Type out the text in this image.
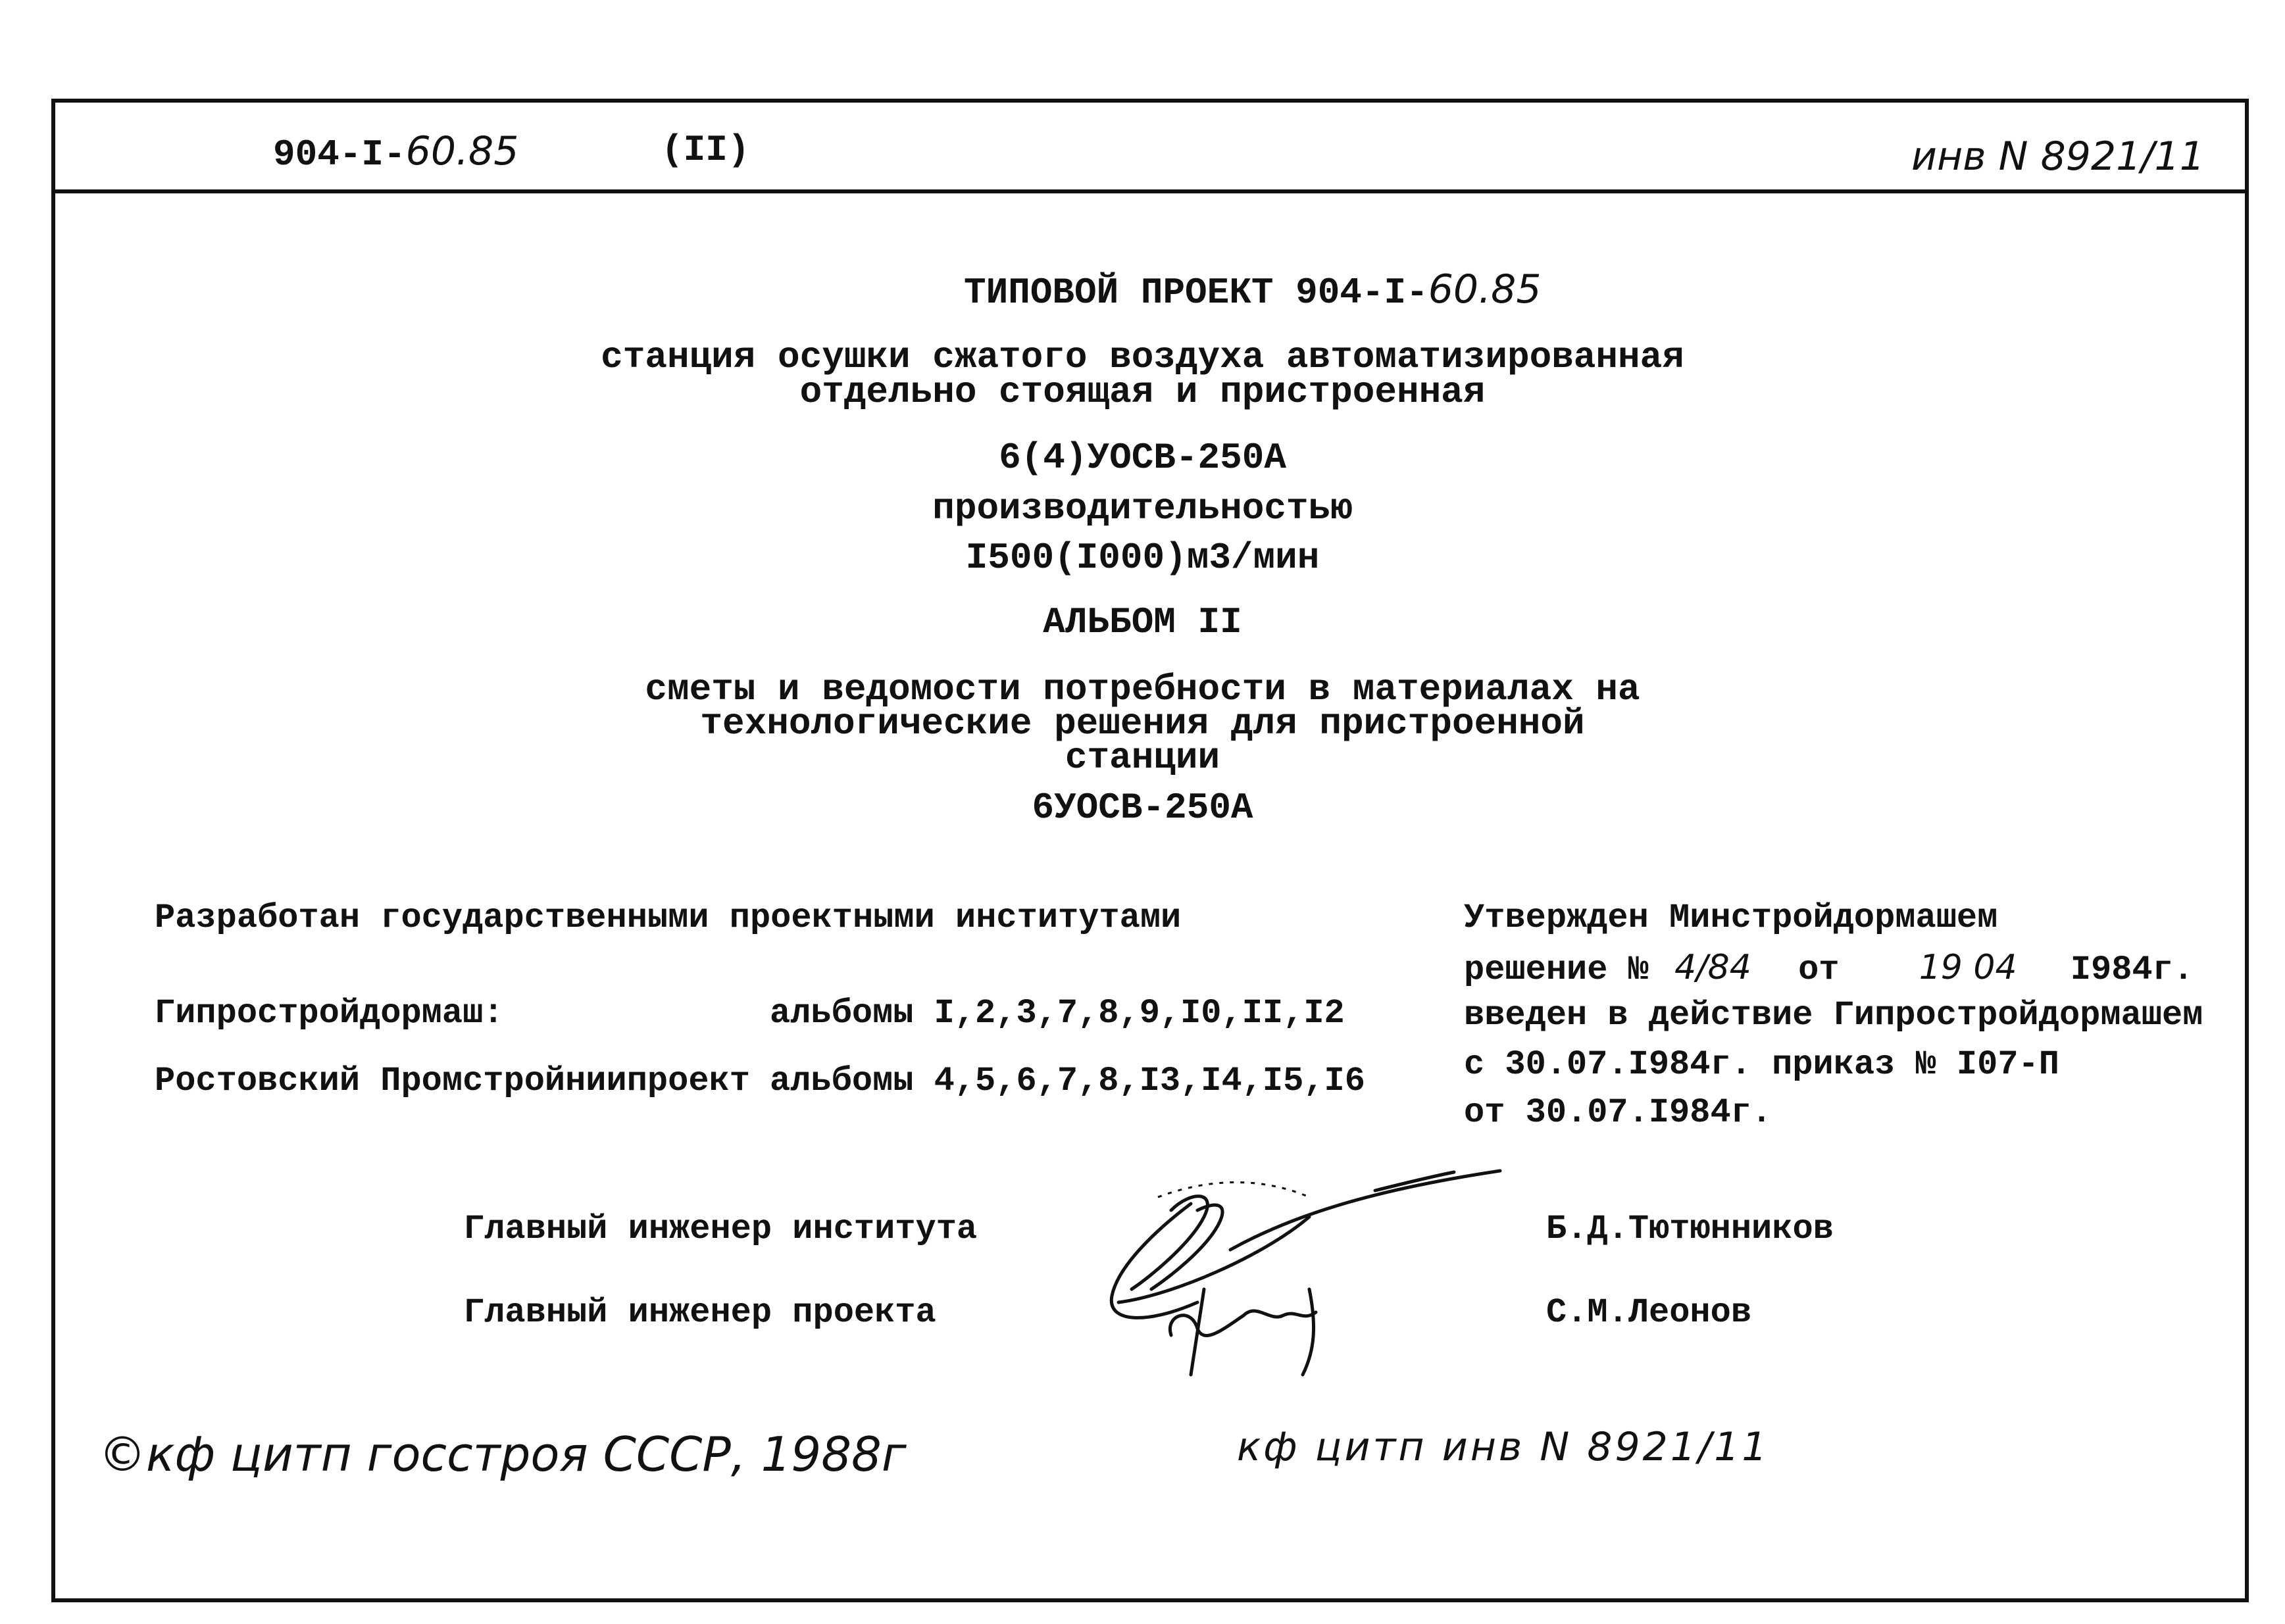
904-I-60.85	(II)	инв N 8921/11
ТИПОВОЙ ПРОЕКТ 904-I-60.85
станция осушки сжатого воздуха автоматизированная
отдельно стоящая и пристроенная
6(4)УОСВ-250А
производительностью
I500(I000)м3/мин
АЛЬБОМ II
сметы и ведомости потребности в материалах на
технологические решения для пристроенной
станции
6УОСВ-250А
Разработан государственными проектными институтами
Гипростройдормаш:	альбомы I,2,3,7,8,9,I0,II,I2
Ростовский Промстройниипроект альбомы 4,5,6,7,8,I3,I4,I5,I6
Утвержден Минстройдормашем
решение № 4/84 от 19 04 I984г.
введен в действие Гипростройдормашем
с 30.07.I984г. приказ № I07-П
от 30.07.I984г.
Главный инженер института	Б.Д.Тютюнников
Главный инженер проекта	С.М.Леонов
©кф цитп госстроя СССР, 1988г	кф цитп инв N 8921/11
